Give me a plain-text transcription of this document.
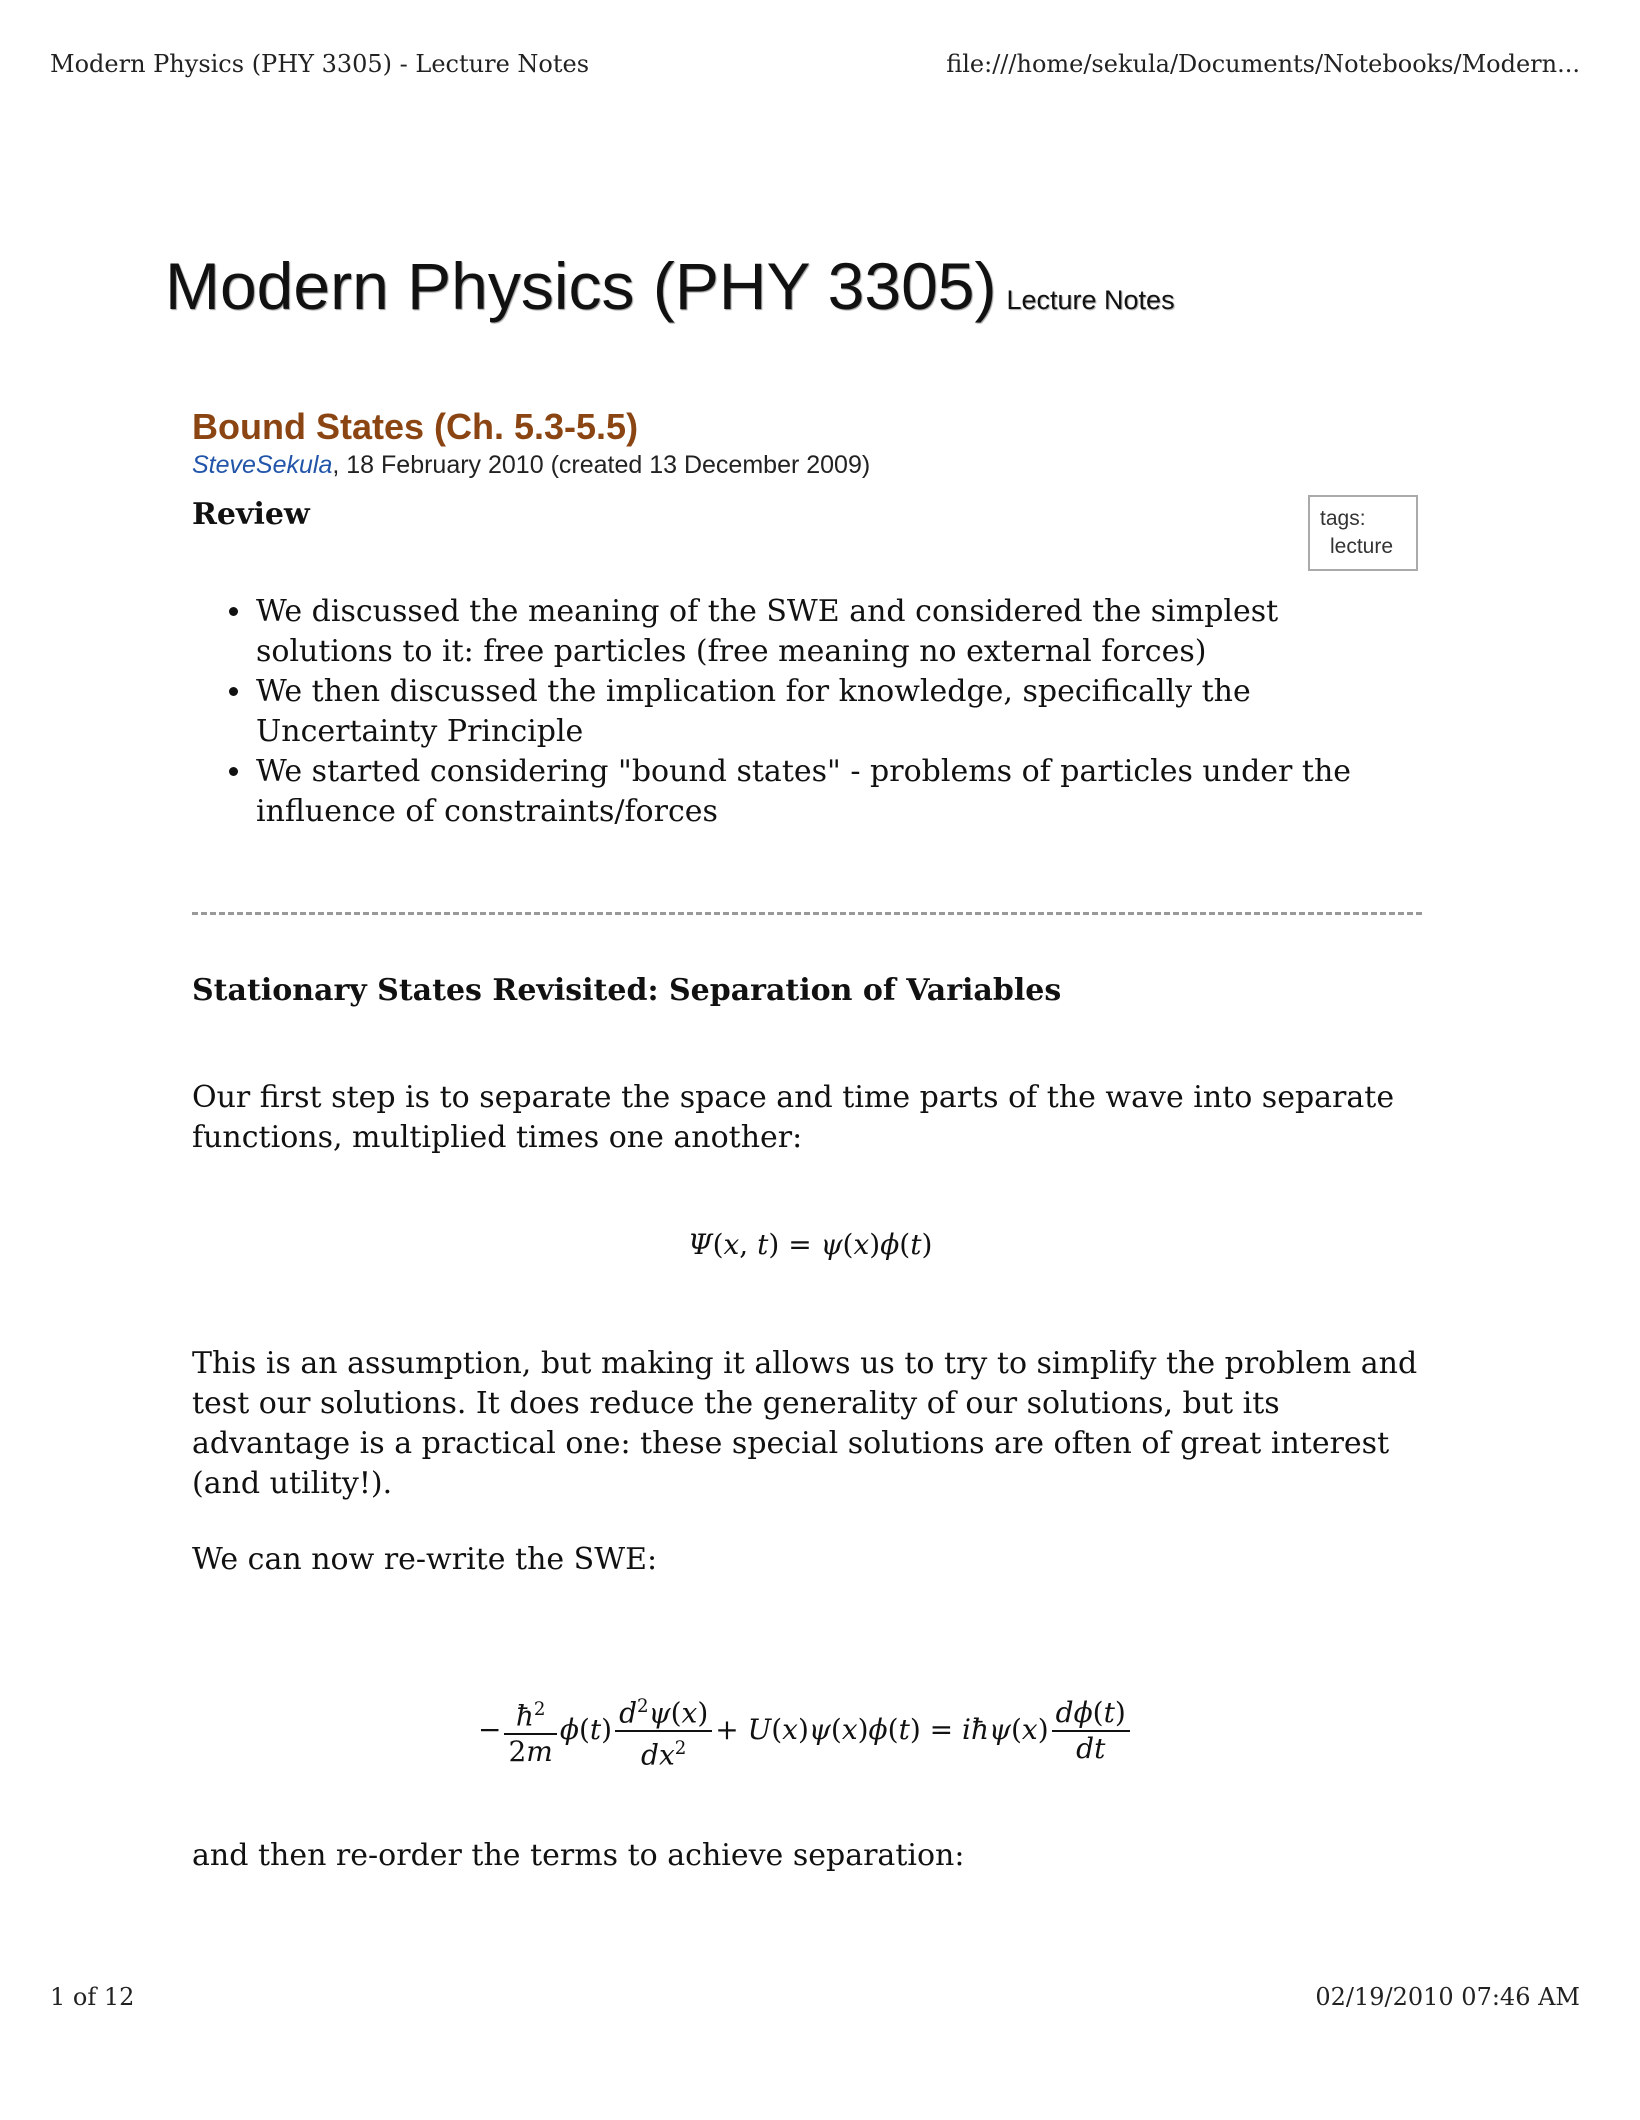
Modern Physics (PHY 3305) - Lecture Notes	file:///home/sekula/Documents/Notebooks/Modern...
Modern Physics (PHY 3305) Lecture Notes
Bound States (Ch. 5.3-5.5)
SteveSekula, 18 February 2010 (created 13 December 2009)
tags:
lecture
Review
• We discussed the meaning of the SWE and considered the simplest solutions to it: free particles (free meaning no external forces)
• We then discussed the implication for knowledge, specifically the Uncertainty Principle
• We started considering "bound states" - problems of particles under the influence of constraints/forces
Stationary States Revisited: Separation of Variables

Our first step is to separate the space and time parts of the wave into separate functions, multiplied times one another:

Ψ(x, t) = ψ(x)ϕ(t)

This is an assumption, but making it allows us to try to simplify the problem and test our solutions. It does reduce the generality of our solutions, but its advantage is a practical one: these special solutions are often of great interest (and utility!).

We can now re-write the SWE:

− $\frac{ħ^2}{2m} \phi(t) \frac{d^2\psi(x)}{dx^2} + U(x)\psi(x)\phi(t)$ = iħψ(x) $\frac{d\phi(t)}{dt}$

and then re-order the terms to achieve separation:

1 of 12	02/19/2010 07:46 AM
